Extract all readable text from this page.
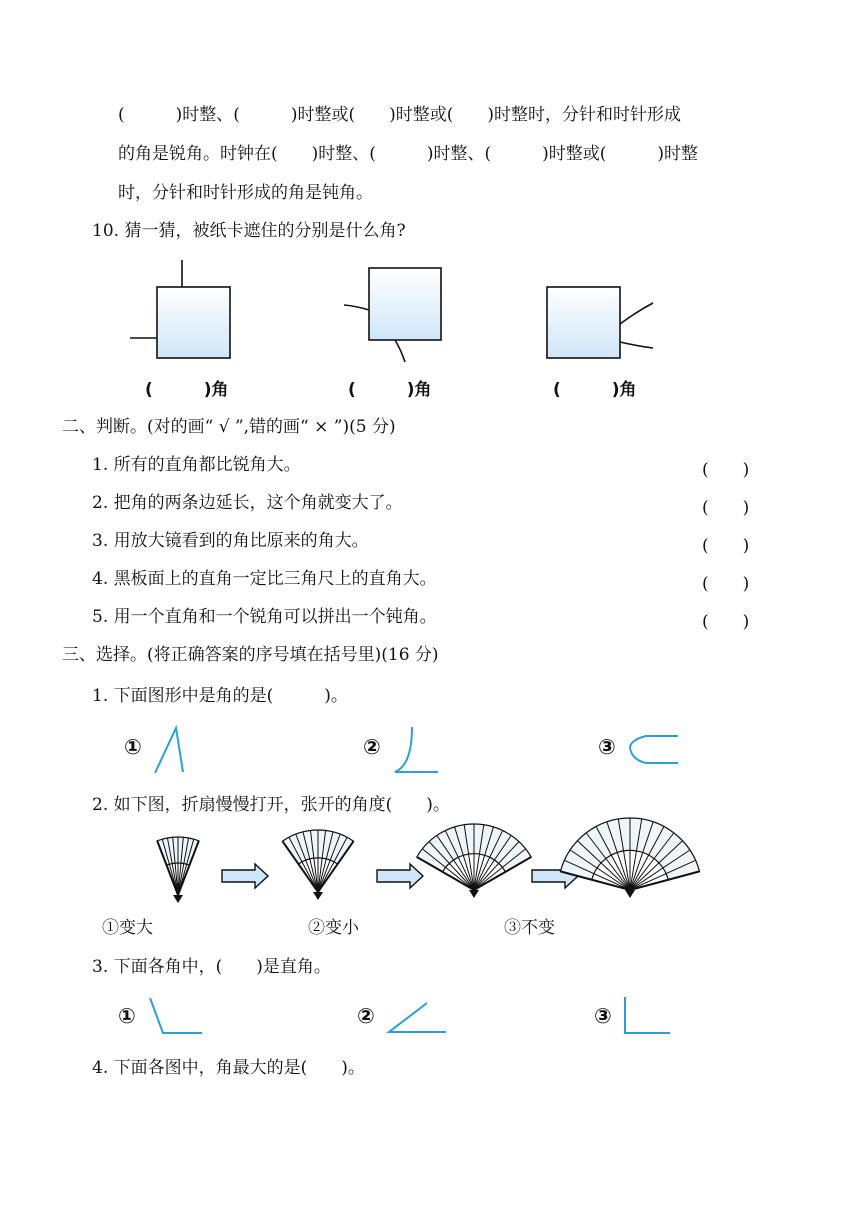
(　　　)时整、(　　　)时整或(　　)时整或(　　)时整时，分针和时针形成
的角是锐角。时钟在(　　)时整、(　　　)时整、(　　　)时整或(　　　)时整
时，分针和时针形成的角是钝角。
10. 猜一猜，被纸卡遮住的分别是什么角?
(　　　)角	(　　　)角	(　　　)角
二、判断。(对的画“ √ ”,错的画“ × ”)(5 分)
1. 所有的直角都比锐角大。	(　　)
2. 把角的两条边延长，这个角就变大了。	(　　)
3. 用放大镜看到的角比原来的角大。	(　　)
4. 黑板面上的直角一定比三角尺上的直角大。	(　　)
5. 用一个直角和一个锐角可以拼出一个钝角。	(　　)
三、选择。(将正确答案的序号填在括号里)(16 分)
1. 下面图形中是角的是(　　　)。
①	②	③
2. 如下图，折扇慢慢打开，张开的角度(　　)。
①变大	②变小	③不变
3. 下面各角中，(　　)是直角。
①	②	③
4. 下面各图中，角最大的是(　　)。
